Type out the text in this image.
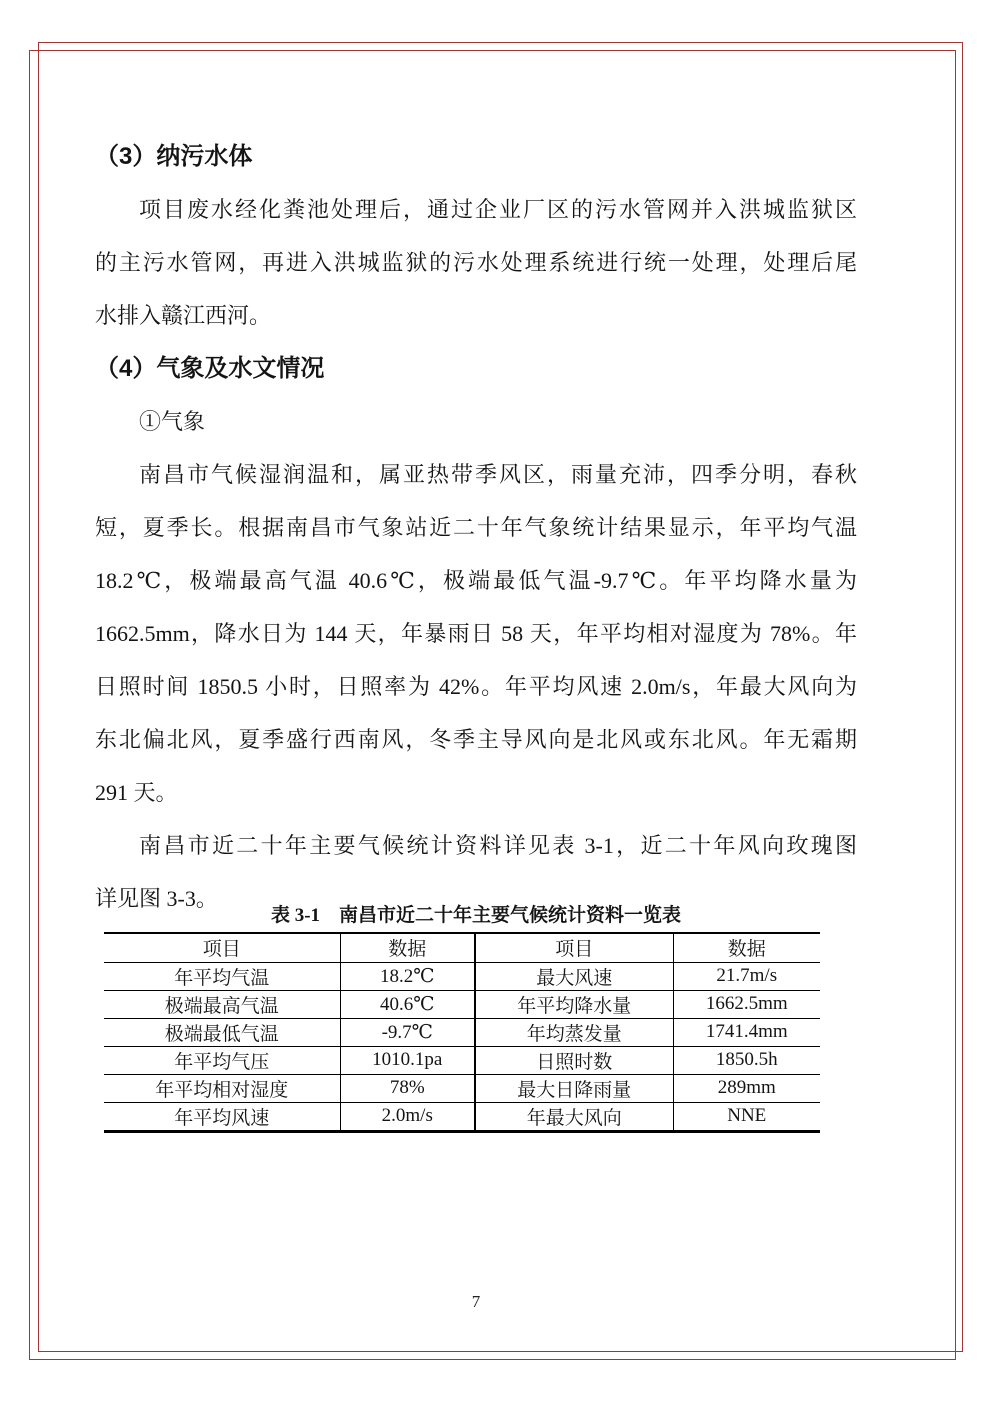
（3）纳污水体
项目废水经化粪池处理后，通过企业厂区的污水管网并入洪城监狱区
的主污水管网，再进入洪城监狱的污水处理系统进行统一处理，处理后尾
水排入赣江西河。
（4）气象及水文情况
①气象
南昌市气候湿润温和，属亚热带季风区，雨量充沛，四季分明，春秋
短，夏季长。根据南昌市气象站近二十年气象统计结果显示，年平均气温
18.2℃，极端最高气温 40.6℃，极端最低气温-9.7℃。年平均降水量为
1662.5mm，降水日为 144 天，年暴雨日 58 天，年平均相对湿度为 78%。年
日照时间 1850.5 小时，日照率为 42%。年平均风速 2.0m/s，年最大风向为
东北偏北风，夏季盛行西南风，冬季主导风向是北风或东北风。年无霜期
291 天。
南昌市近二十年主要气候统计资料详见表 3-1，近二十年风向玫瑰图
详见图 3-3。
表 3-1　南昌市近二十年主要气候统计资料一览表
项目	数据	项目	数据
年平均气温	18.2℃	最大风速	21.7m/s
极端最高气温	40.6℃	年平均降水量	1662.5mm
极端最低气温	-9.7℃	年均蒸发量	1741.4mm
年平均气压	1010.1pa	日照时数	1850.5h
年平均相对湿度	78%	最大日降雨量	289mm
年平均风速	2.0m/s	年最大风向	NNE
7
